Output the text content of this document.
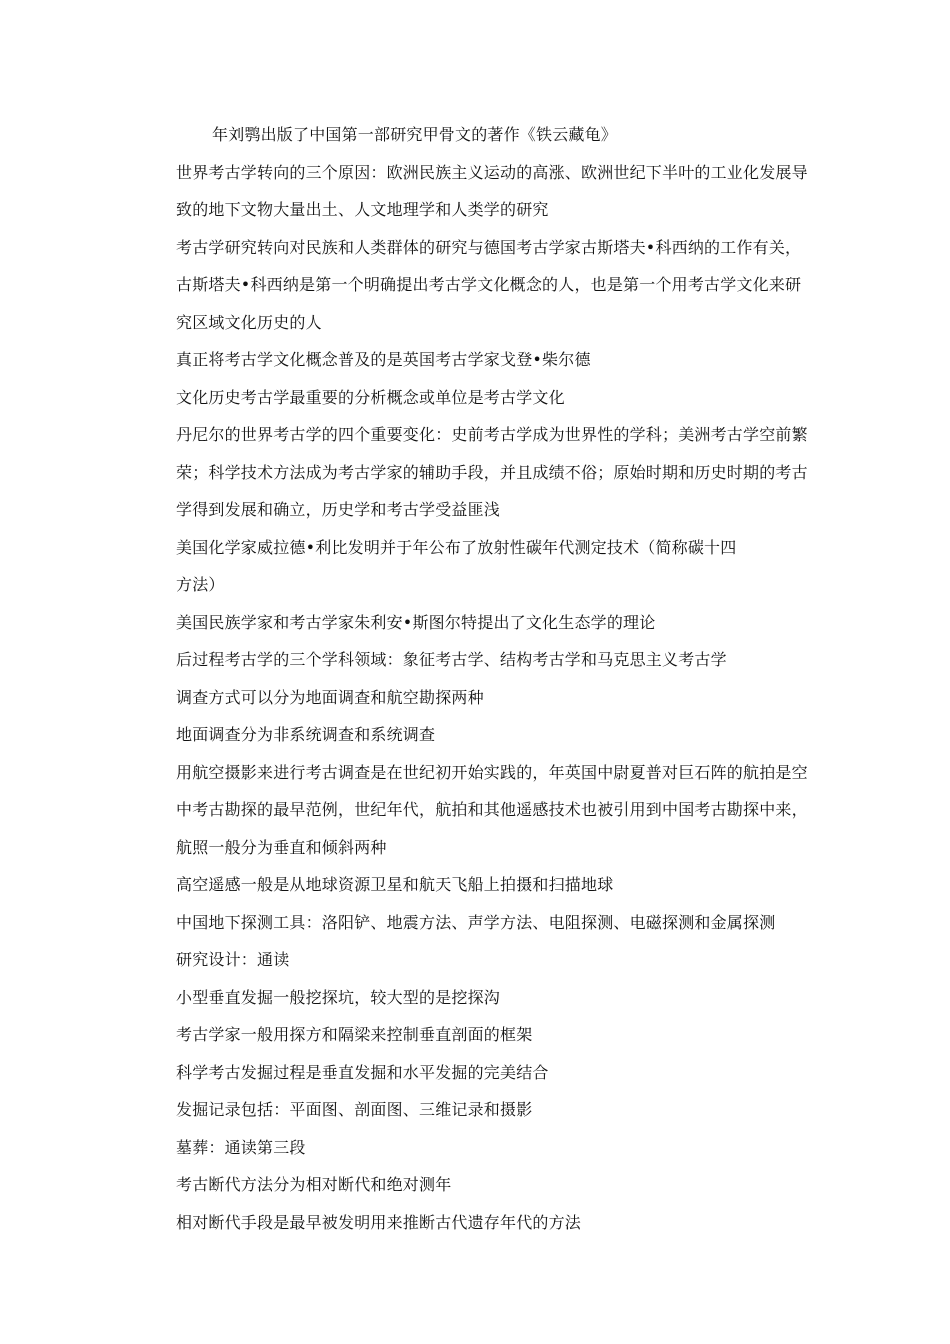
年刘鹗出版了中国第一部研究甲骨文的著作《铁云藏龟》

世界考古学转向的三个原因：欧洲民族主义运动的高涨、欧洲世纪下半叶的工业化发展导致的地下文物大量出土、人文地理学和人类学的研究

考古学研究转向对民族和人类群体的研究与德国考古学家古斯塔夫•科西纳的工作有关，古斯塔夫•科西纳是第一个明确提出考古学文化概念的人，也是第一个用考古学文化来研究区域文化历史的人

真正将考古学文化概念普及的是英国考古学家戈登•柴尔德

文化历史考古学最重要的分析概念或单位是考古学文化

丹尼尔的世界考古学的四个重要变化：史前考古学成为世界性的学科；美洲考古学空前繁荣；科学技术方法成为考古学家的辅助手段，并且成绩不俗；原始时期和历史时期的考古学得到发展和确立，历史学和考古学受益匪浅

美国化学家威拉德•利比发明并于年公布了放射性碳年代测定技术（简称碳十四

方法）

美国民族学家和考古学家朱利安•斯图尔特提出了文化生态学的理论

后过程考古学的三个学科领域：象征考古学、结构考古学和马克思主义考古学

调查方式可以分为地面调查和航空勘探两种

地面调查分为非系统调查和系统调查

用航空摄影来进行考古调查是在世纪初开始实践的，年英国中尉夏普对巨石阵的航拍是空中考古勘探的最早范例，世纪年代，航拍和其他遥感技术也被引用到中国考古勘探中来，航照一般分为垂直和倾斜两种

高空遥感一般是从地球资源卫星和航天飞船上拍摄和扫描地球

中国地下探测工具：洛阳铲、地震方法、声学方法、电阻探测、电磁探测和金属探测

研究设计：通读

小型垂直发掘一般挖探坑，较大型的是挖探沟

考古学家一般用探方和隔梁来控制垂直剖面的框架

科学考古发掘过程是垂直发掘和水平发掘的完美结合

发掘记录包括：平面图、剖面图、三维记录和摄影

墓葬：通读第三段

考古断代方法分为相对断代和绝对测年

相对断代手段是最早被发明用来推断古代遗存年代的方法
